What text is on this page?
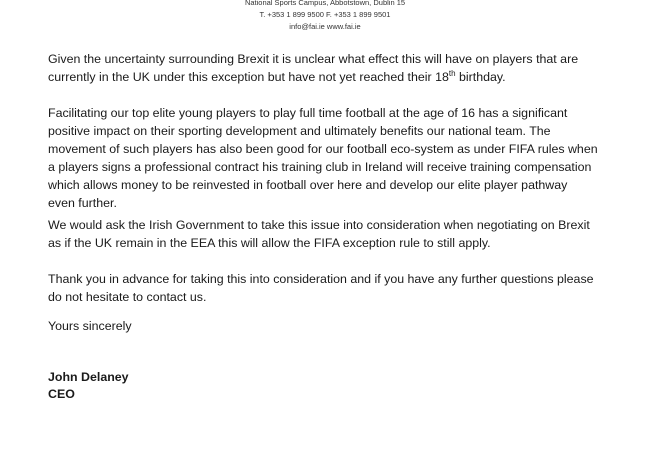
National Sports Campus, Abbotstown, Dublin 15
T. +353 1 899 9500 F. +353 1 899 9501
info@fai.ie www.fai.ie
Given the uncertainty surrounding Brexit it is unclear what effect this will have on players that are
currently in the UK under this exception but have not yet reached their 18th birthday.
Facilitating our top elite young players to play full time football at the age of 16 has a significant
positive impact on their sporting development and ultimately benefits our national team. The
movement of such players has also been good for our football eco-system as under FIFA rules when
a players signs a professional contract his training club in Ireland will receive training compensation
which allows money to be reinvested in football over here and develop our elite player pathway
even further.
We would ask the Irish Government to take this issue into consideration when negotiating on Brexit
as if the UK remain in the EEA this will allow the FIFA exception rule to still apply.
Thank you in advance for taking this into consideration and if you have any further questions please
do not hesitate to contact us.
Yours sincerely
John Delaney
CEO
